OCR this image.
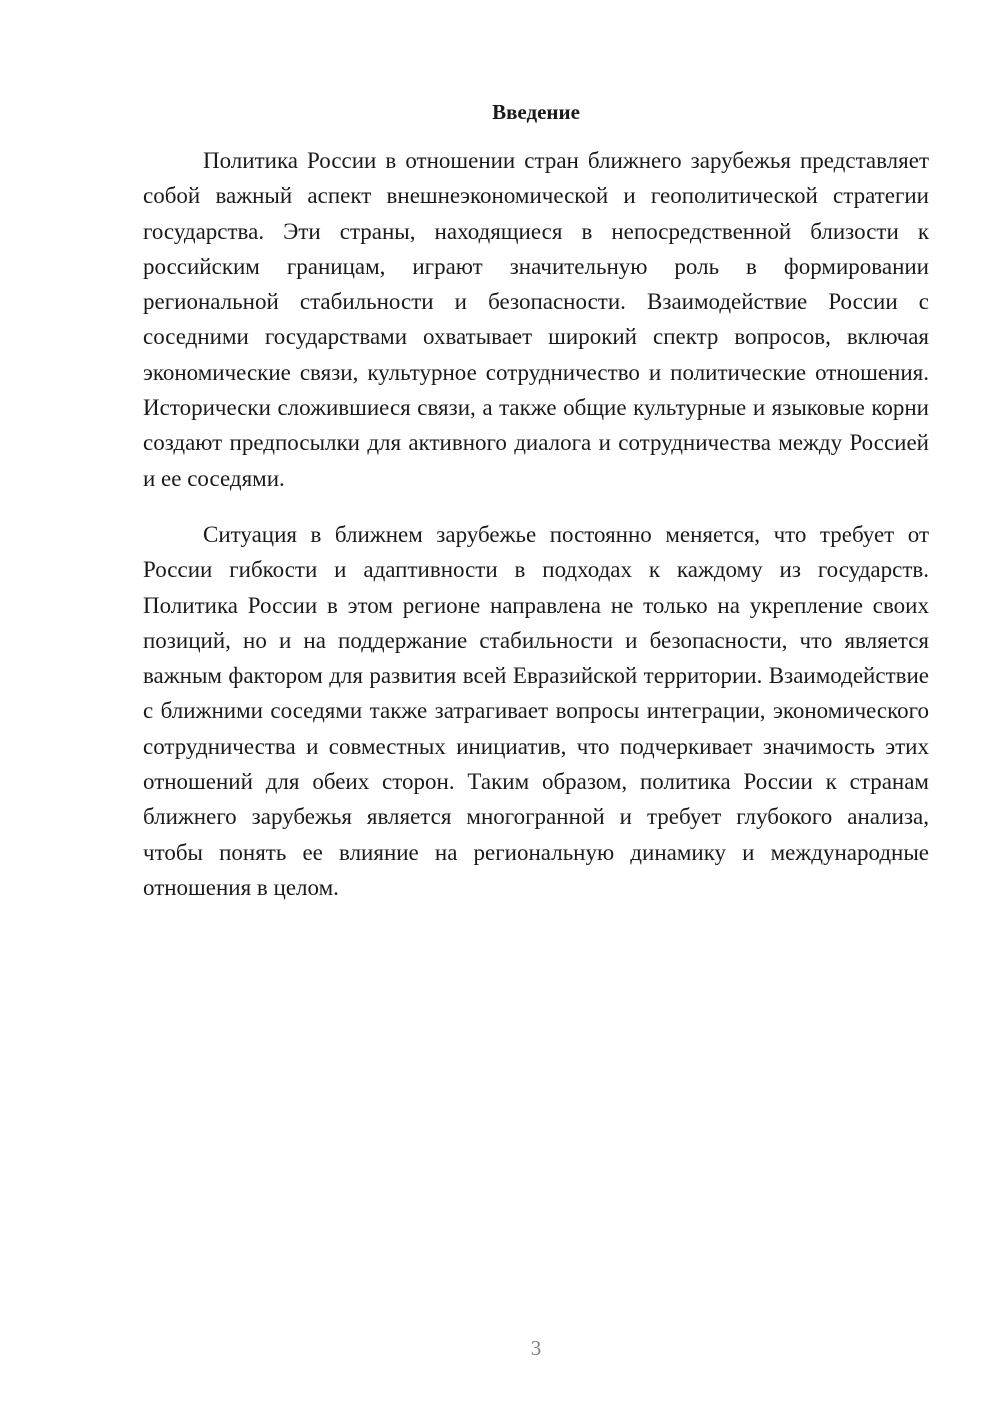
Введение

Политика России в отношении стран ближнего зарубежья представляет собой важный аспект внешнеэкономической и геополитической стратегии государства. Эти страны, находящиеся в непосредственной близости к российским границам, играют значительную роль в формировании региональной стабильности и безопасности. Взаимодействие России с соседними государствами охватывает широкий спектр вопросов, включая экономические связи, культурное сотрудничество и политические отношения. Исторически сложившиеся связи, а также общие культурные и языковые корни создают предпосылки для активного диалога и сотрудничества между Россией и ее соседями.

Ситуация в ближнем зарубежье постоянно меняется, что требует от России гибкости и адаптивности в подходах к каждому из государств. Политика России в этом регионе направлена не только на укрепление своих позиций, но и на поддержание стабильности и безопасности, что является важным фактором для развития всей Евразийской территории. Взаимодействие с ближними соседями также затрагивает вопросы интеграции, экономического сотрудничества и совместных инициатив, что подчеркивает значимость этих отношений для обеих сторон. Таким образом, политика России к странам ближнего зарубежья является многогранной и требует глубокого анализа, чтобы понять ее влияние на региональную динамику и международные отношения в целом.

3
